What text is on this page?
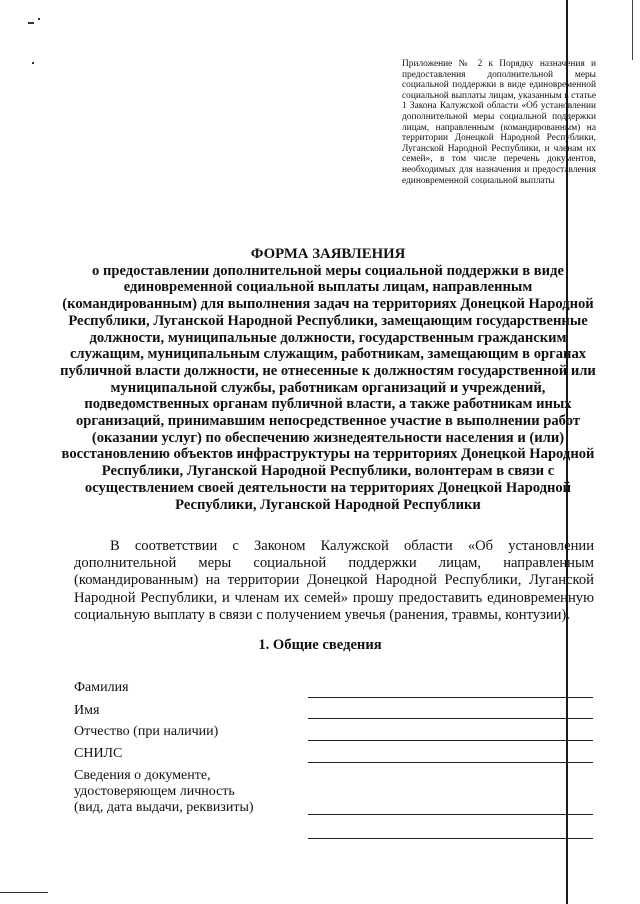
Приложение № 2 к Порядку назначения и предоставления дополнительной меры социальной поддержки в виде единовременной социальной выплаты лицам, указанным в статье 1 Закона Калужской области «Об установлении дополнительной меры социальной поддержки лицам, направленным (командированным) на территории Донецкой Народной Республики, Луганской Народной Республики, и членам их семей», в том числе перечень документов, необходимых для назначения и предоставления единовременной социальной выплаты
ФОРМА ЗАЯВЛЕНИЯ
о предоставлении дополнительной меры социальной поддержки в виде единовременной социальной выплаты лицам, направленным (командированным) для выполнения задач на территориях Донецкой Народной Республики, Луганской Народной Республики, замещающим государственные должности, муниципальные должности, государственным гражданским служащим, муниципальным служащим, работникам, замещающим в органах публичной власти должности, не отнесенные к должностям государственной или муниципальной службы, работникам организаций и учреждений, подведомственных органам публичной власти, а также работникам иных организаций, принимавшим непосредственное участие в выполнении работ (оказании услуг) по обеспечению жизнедеятельности населения и (или) восстановлению объектов инфраструктуры на территориях Донецкой Народной Республики, Луганской Народной Республики, волонтерам в связи с осуществлением своей деятельности на территориях Донецкой Народной Республики, Луганской Народной Республики
В соответствии с Законом Калужской области «Об установлении дополнительной меры социальной поддержки лицам, направленным (командированным) на территории Донецкой Народной Республики, Луганской Народной Республики, и членам их семей» прошу предоставить единовременную социальную выплату в связи с получением увечья (ранения, травмы, контузии).
1. Общие сведения
Фамилия
Имя
Отчество (при наличии)
СНИЛС
Сведения о документе,
удостоверяющем личность
(вид, дата выдачи, реквизиты)
